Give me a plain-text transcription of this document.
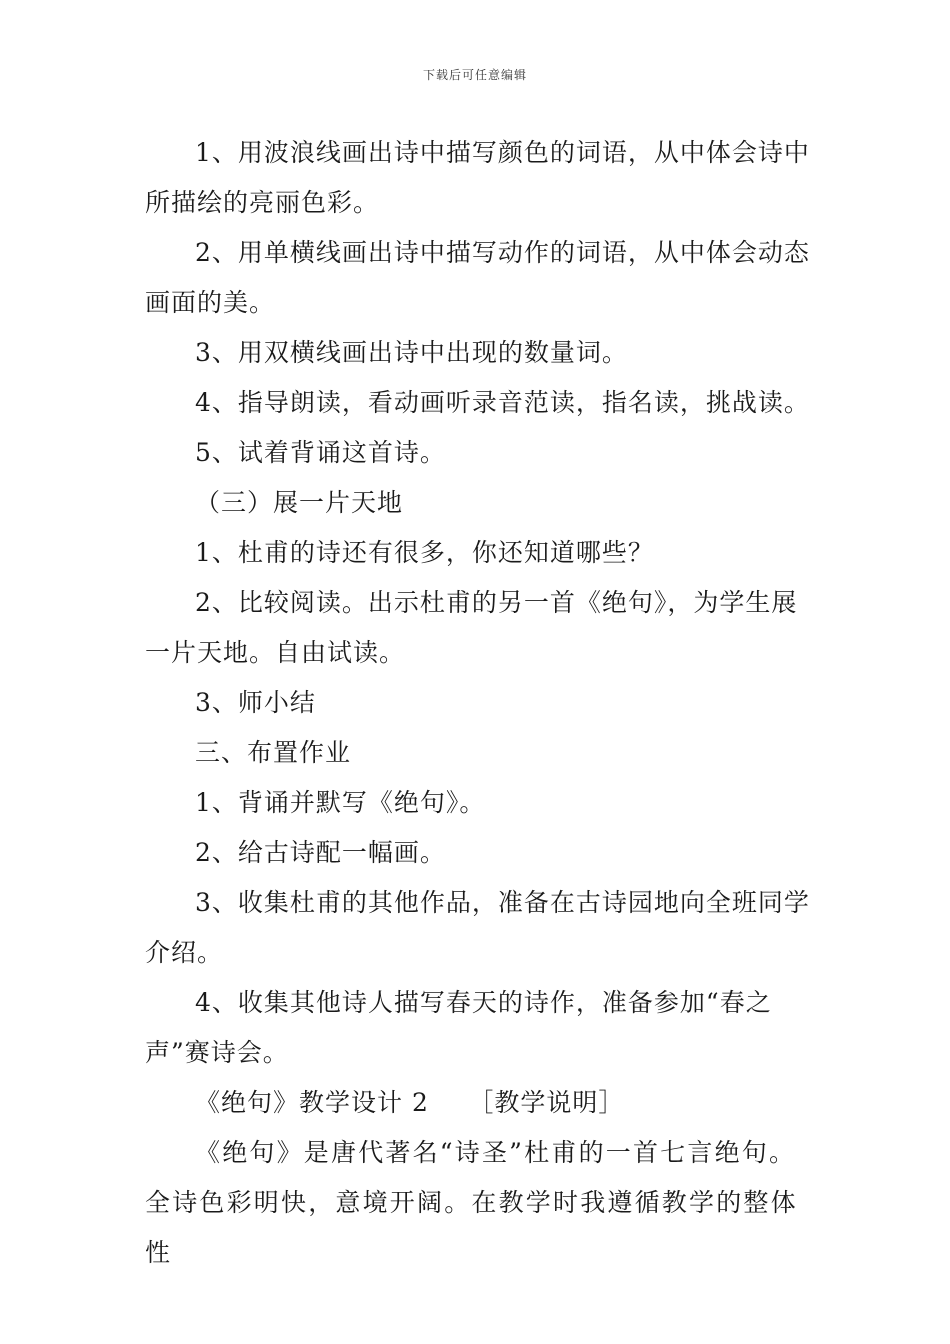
下载后可任意编辑

1、用波浪线画出诗中描写颜色的词语，从中体会诗中所描绘的亮丽色彩。

2、用单横线画出诗中描写动作的词语，从中体会动态画面的美。

3、用双横线画出诗中出现的数量词。

4、指导朗读，看动画听录音范读，指名读，挑战读。

5、试着背诵这首诗。

（三）展一片天地

1、杜甫的诗还有很多，你还知道哪些？

2、比较阅读。出示杜甫的另一首《绝句》，为学生展一片天地。自由试读。

3、师小结

三、布置作业

1、背诵并默写《绝句》。

2、给古诗配一幅画。

3、收集杜甫的其他作品，准备在古诗园地向全班同学介绍。

4、收集其他诗人描写春天的诗作，准备参加“春之声”赛诗会。

《绝句》教学设计 2　　［教学说明］

《绝句》是唐代著名“诗圣”杜甫的一首七言绝句。全诗色彩明快，意境开阔。在教学时我遵循教学的整体性
